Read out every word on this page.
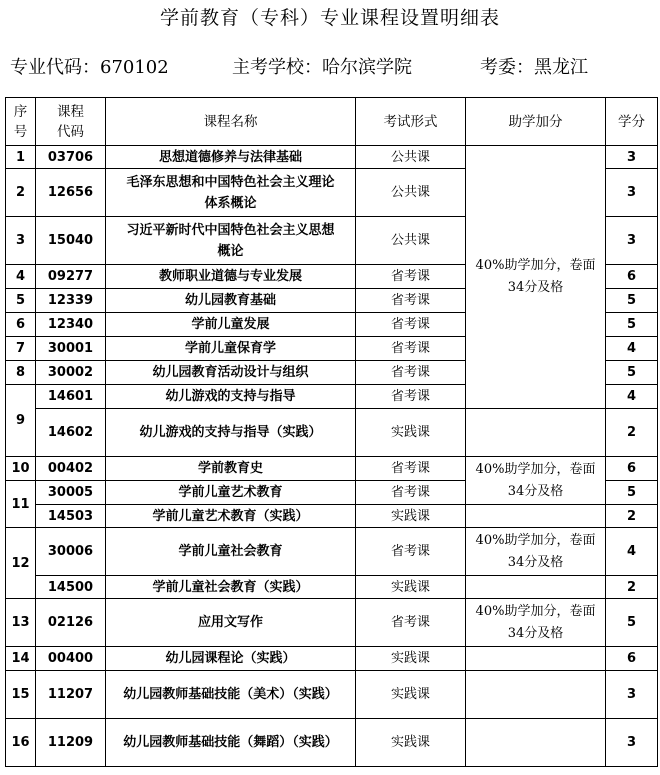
学前教育（专科）专业课程设置明细表
专业代码：670102	主考学校：哈尔滨学院	考委：黑龙江
序号	课程代码	课程名称	考试形式	助学加分	学分
1	03706	思想道德修养与法律基础	公共课	40%助学加分，卷面34分及格	3
2	12656	毛泽东思想和中国特色社会主义理论体系概论	公共课		3
3	15040	习近平新时代中国特色社会主义思想概论	公共课		3
4	09277	教师职业道德与专业发展	省考课		6
5	12339	幼儿园教育基础	省考课		5
6	12340	学前儿童发展	省考课		5
7	30001	学前儿童保育学	省考课		4
8	30002	幼儿园教育活动设计与组织	省考课		5
9	14601	幼儿游戏的支持与指导	省考课		4
	14602	幼儿游戏的支持与指导（实践）	实践课		2
10	00402	学前教育史	省考课	40%助学加分，卷面34分及格	6
11	30005	学前儿童艺术教育	省考课		5
	14503	学前儿童艺术教育（实践）	实践课		2
12	30006	学前儿童社会教育	省考课	40%助学加分，卷面34分及格	4
	14500	学前儿童社会教育（实践）	实践课		2
13	02126	应用文写作	省考课	40%助学加分，卷面34分及格	5
14	00400	幼儿园课程论（实践）	实践课		6
15	11207	幼儿园教师基础技能（美术）（实践）	实践课		3
16	11209	幼儿园教师基础技能（舞蹈）（实践）	实践课		3
